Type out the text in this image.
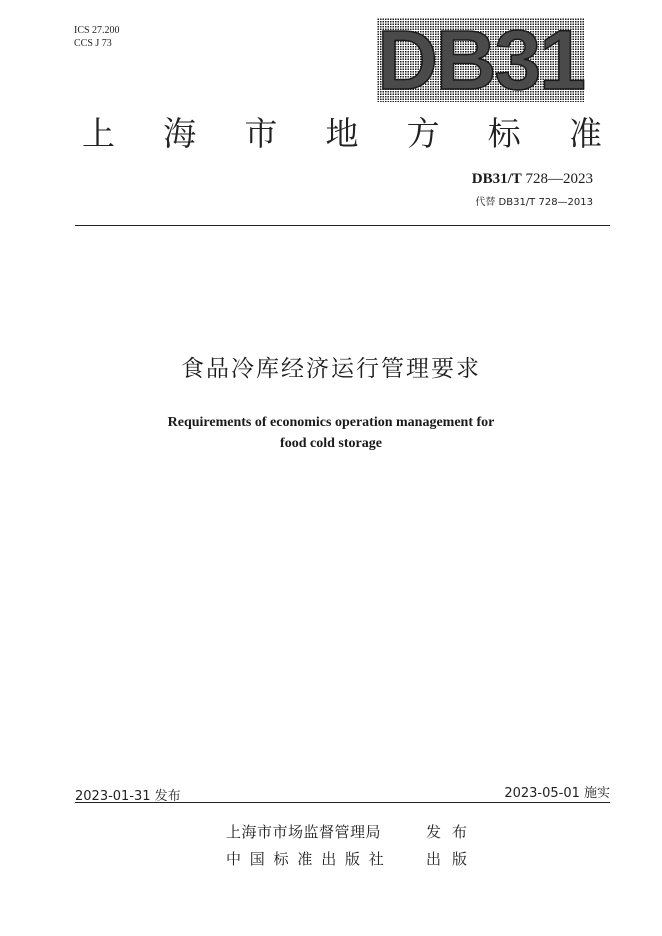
ICS 27.200
CCS J 73	DB31
上 海 市 地 方 标 准
DB31/T 728—2023
代替 DB31/T 728—2013
食品冷库经济运行管理要求
Requirements of economics operation management for
food cold storage
2023-01-31 发布	2023-05-01 施实
上海市市场监督管理局	发布
中国标准出版社	出版
